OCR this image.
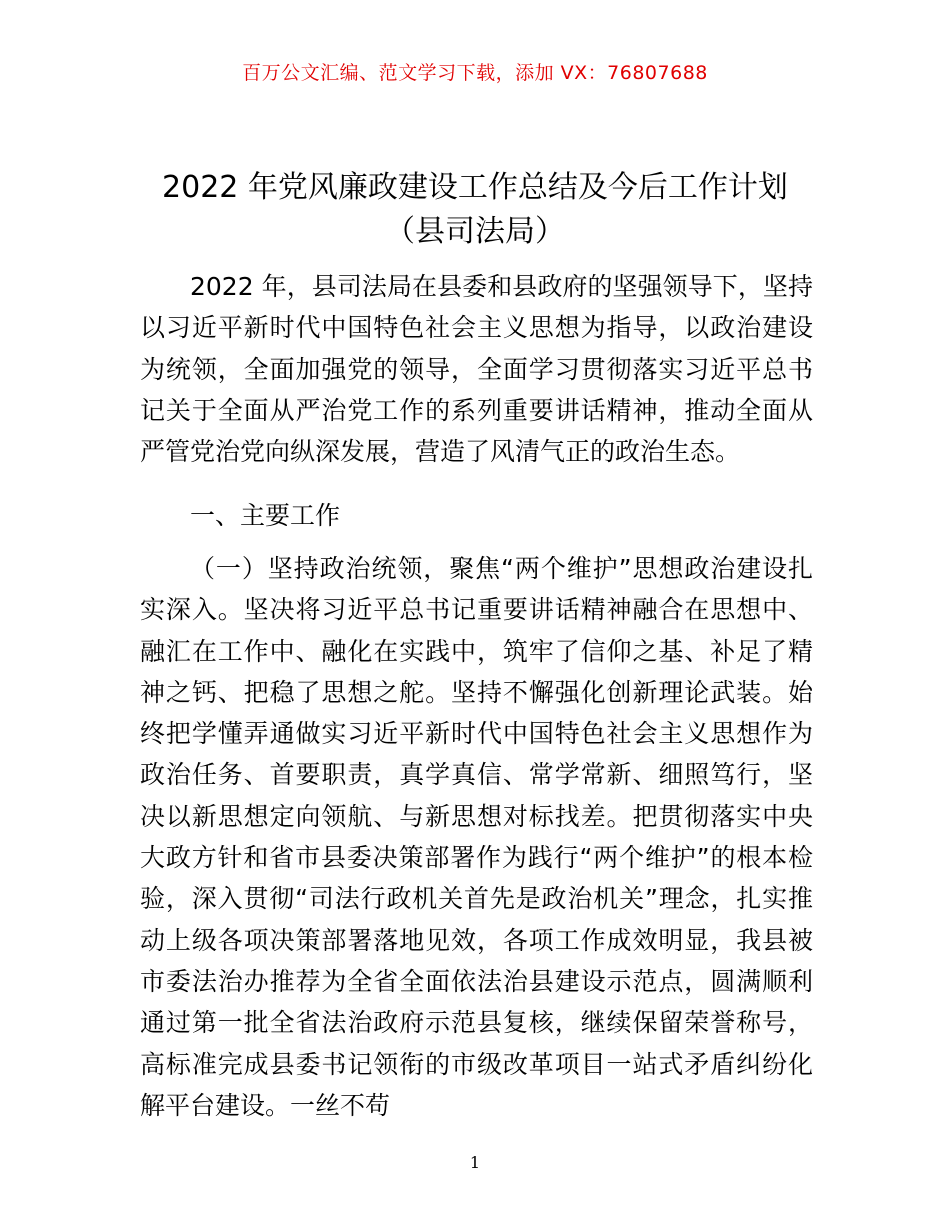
百万公文汇编、范文学习下载，添加 VX：76807688
2022 年党风廉政建设工作总结及今后工作计划
（县司法局）

2022 年，县司法局在县委和县政府的坚强领导下，坚持以习近平新时代中国特色社会主义思想为指导，以政治建设为统领，全面加强党的领导，全面学习贯彻落实习近平总书记关于全面从严治党工作的系列重要讲话精神，推动全面从严管党治党向纵深发展，营造了风清气正的政治生态。

一、主要工作

（一）坚持政治统领，聚焦“两个维护”思想政治建设扎实深入。坚决将习近平总书记重要讲话精神融合在思想中、融汇在工作中、融化在实践中，筑牢了信仰之基、补足了精神之钙、把稳了思想之舵。坚持不懈强化创新理论武装。始终把学懂弄通做实习近平新时代中国特色社会主义思想作为政治任务、首要职责，真学真信、常学常新、细照笃行，坚决以新思想定向领航、与新思想对标找差。把贯彻落实中央大政方针和省市县委决策部署作为践行“两个维护”的根本检验，深入贯彻“司法行政机关首先是政治机关”理念，扎实推动上级各项决策部署落地见效，各项工作成效明显，我县被市委法治办推荐为全省全面依法治县建设示范点，圆满顺利通过第一批全省法治政府示范县复核，继续保留荣誉称号，高标准完成县委书记领衔的市级改革项目一站式矛盾纠纷化解平台建设。一丝不苟

1
